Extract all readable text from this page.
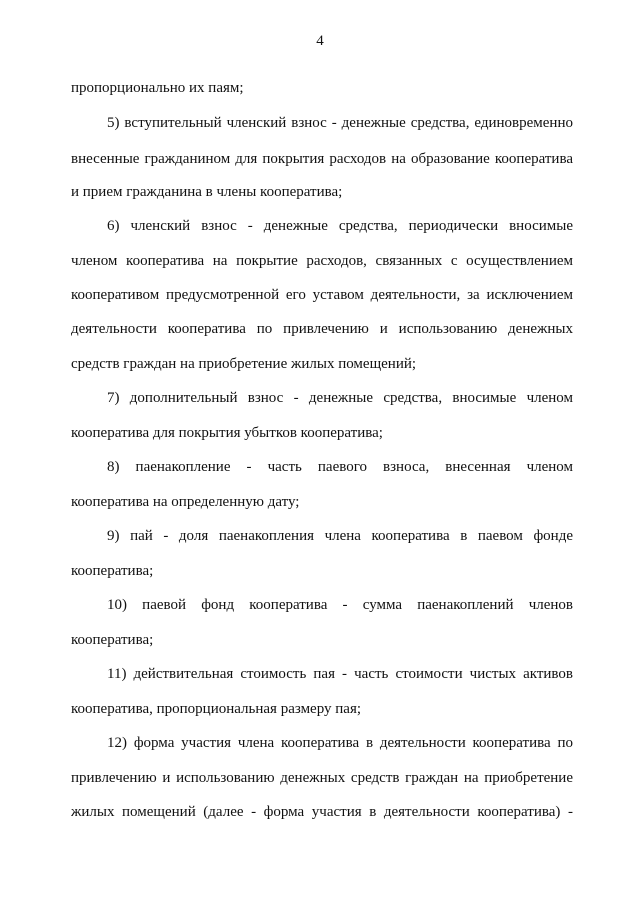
4
пропорционально их паям;
5) вступительный членский взнос - денежные средства, единовременно
внесенные гражданином для покрытия расходов на образование кооператива
и прием гражданина в члены кооператива;
6) членский взнос - денежные средства, периодически вносимые
членом кооператива на покрытие расходов, связанных с осуществлением
кооперативом предусмотренной его уставом деятельности, за исключением
деятельности кооператива по привлечению и использованию денежных
средств граждан на приобретение жилых помещений;
7) дополнительный взнос - денежные средства, вносимые членом
кооператива для покрытия убытков кооператива;
8) паенакопление - часть паевого взноса, внесенная членом
кооператива на определенную дату;
9) пай - доля паенакопления члена кооператива в паевом фонде
кооператива;
10) паевой фонд кооператива - сумма паенакоплений членов
кооператива;
11) действительная стоимость пая - часть стоимости чистых активов
кооператива, пропорциональная размеру пая;
12) форма участия члена кооператива в деятельности кооператива по
привлечению и использованию денежных средств граждан на приобретение
жилых помещений (далее - форма участия в деятельности кооператива) -
